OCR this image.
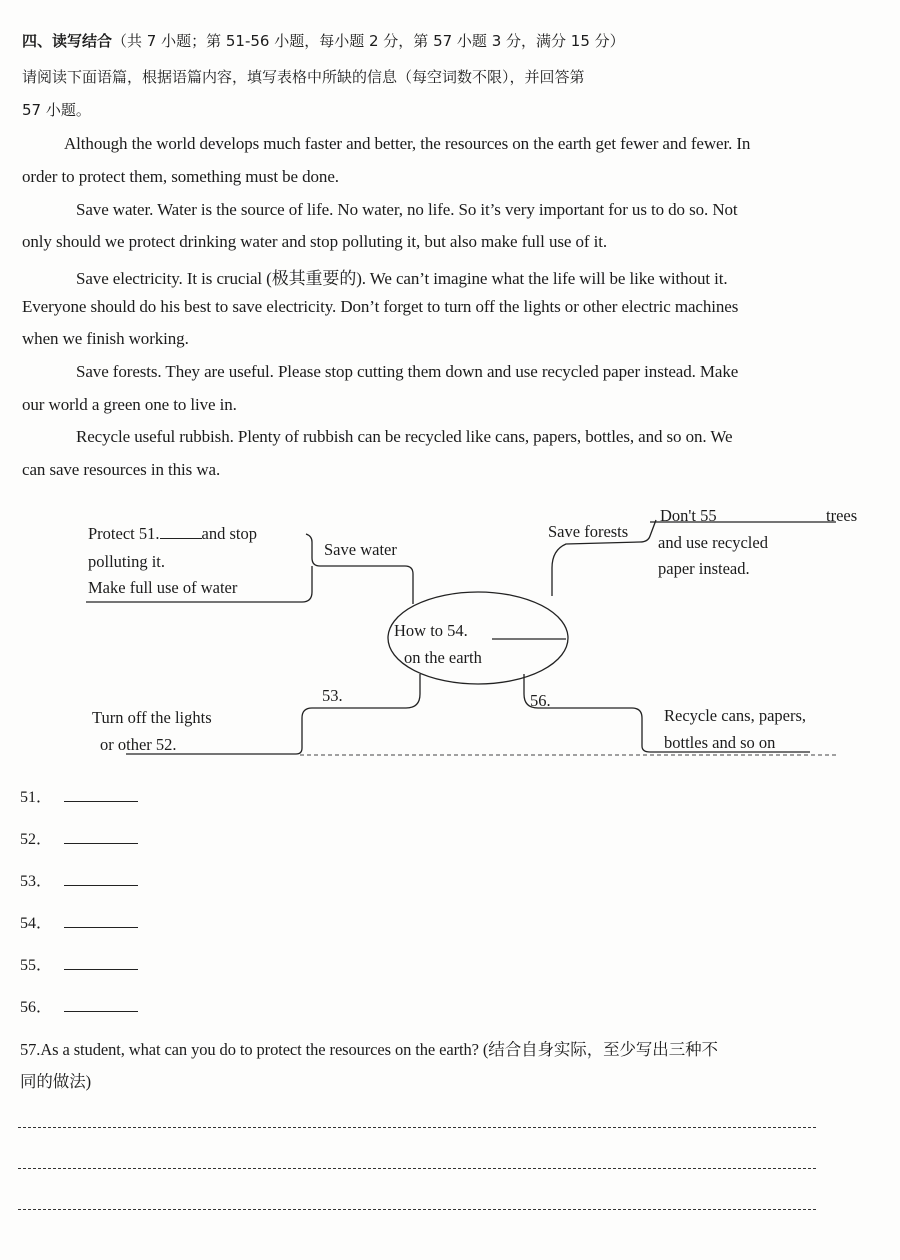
四、读写结合（共 7 小题；第 51-56 小题，每小题 2 分，第 57 小题 3 分，满分 15 分）
请阅读下面语篇，根据语篇内容，填写表格中所缺的信息（每空词数不限），并回答第
57 小题。
Although the world develops much faster and better, the resources on the earth get fewer and fewer. In
order to protect them, something must be done.
Save water. Water is the source of life. No water, no life. So it’s very important for us to do so. Not
only should we protect drinking water and stop polluting it, but also make full use of it.
Save electricity. It is crucial (极其重要的). We can’t imagine what the life will be like without it.
Everyone should do his best to save electricity. Don’t forget to turn off the lights or other electric machines
when we finish working.
Save forests. They are useful. Please stop cutting them down and use recycled paper instead. Make
our world a green one to live in.
Recycle useful rubbish. Plenty of rubbish can be recycled like cans, papers, bottles, and so on. We
can save resources in this wa.
How to 54.
on the earth
Save water
Protect 51.	and stop
polluting it.
Make full use of water
Save forests
Don't 55	trees
and use recycled
paper instead.
53.
Turn off the lights
or other 52.
56.
Recycle cans, papers,
bottles and so on
51．
52．
53．
54．
55．
56．
57.As a student, what can you do to protect the resources on the earth? (结合自身实际，至少写出三种不
同的做法)
